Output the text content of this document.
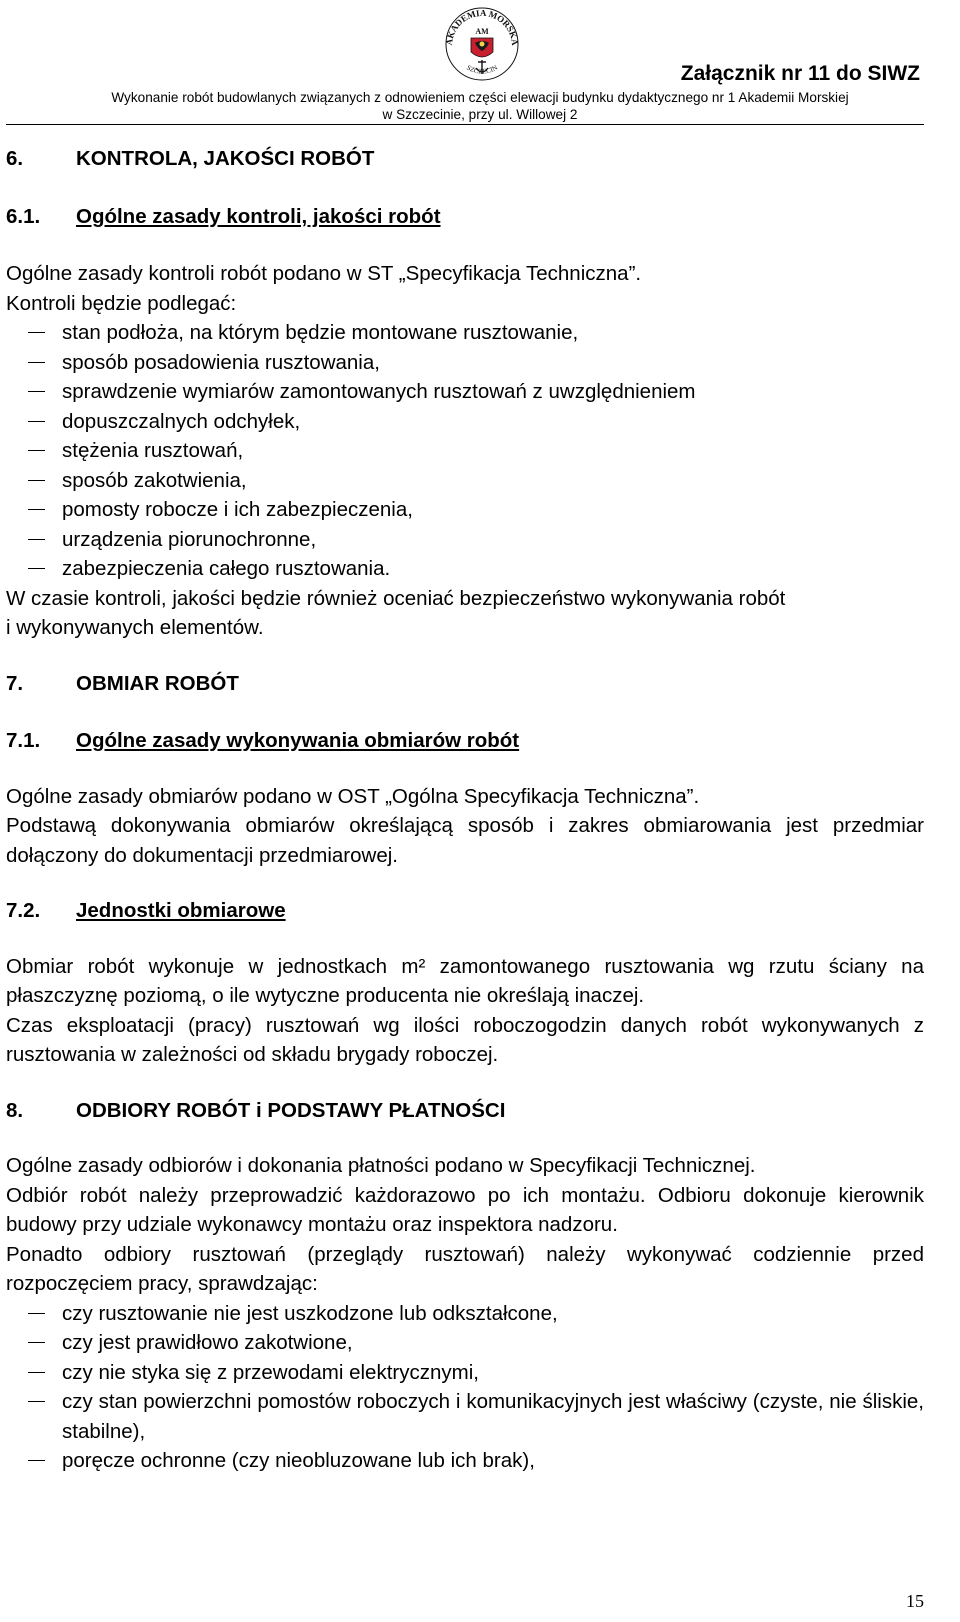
AKADEMIA MORSKA
SZCZECIN
AM
Załącznik nr 11 do SIWZ
Wykonanie robót budowlanych związanych z odnowieniem części elewacji budynku dydaktycznego nr 1 Akademii Morskiej
w Szczecinie, przy ul. Willowej 2
6.	KONTROLA, JAKOŚCI ROBÓT
6.1.	Ogólne zasady kontroli, jakości robót

Ogólne zasady kontroli robót podano w ST „Specyfikacja Techniczna”.

Kontroli będzie podlegać:

stan podłoża, na którym będzie montowane rusztowanie,
sposób posadowienia rusztowania,
sprawdzenie wymiarów zamontowanych rusztowań z uwzględnieniem
dopuszczalnych odchyłek,
stężenia rusztowań,
sposób zakotwienia,
pomosty robocze i ich zabezpieczenia,
urządzenia piorunochronne,
zabezpieczenia całego rusztowania.

W czasie kontroli, jakości będzie również oceniać bezpieczeństwo wykonywania robót

i wykonywanych elementów.

7.	OBMIAR ROBÓT
7.1.	Ogólne zasady wykonywania obmiarów robót

Ogólne zasady obmiarów podano w OST „Ogólna Specyfikacja Techniczna”.

Podstawą dokonywania obmiarów określającą sposób i zakres obmiarowania jest przedmiar dołączony do dokumentacji przedmiarowej.

7.2.	Jednostki obmiarowe

Obmiar robót wykonuje w jednostkach m² zamontowanego rusztowania wg rzutu ściany na płaszczyznę poziomą, o ile wytyczne producenta nie określają inaczej.

Czas eksploatacji (pracy) rusztowań wg ilości roboczogodzin danych robót wykonywanych z rusztowania w zależności od składu brygady roboczej.

8.	ODBIORY ROBÓT i PODSTAWY PŁATNOŚCI

Ogólne zasady odbiorów i dokonania płatności podano w Specyfikacji Technicznej.

Odbiór robót należy przeprowadzić każdorazowo po ich montażu. Odbioru dokonuje kierownik budowy przy udziale wykonawcy montażu oraz inspektora nadzoru.

Ponadto odbiory rusztowań (przeglądy rusztowań) należy wykonywać codziennie przed rozpoczęciem pracy, sprawdzając:

czy rusztowanie nie jest uszkodzone lub odkształcone,
czy jest prawidłowo zakotwione,
czy nie styka się z przewodami elektrycznymi,
czy stan powierzchni pomostów roboczych i komunikacyjnych jest właściwy (czyste, nie śliskie, stabilne),
poręcze ochronne (czy nieobluzowane lub ich brak),
15
